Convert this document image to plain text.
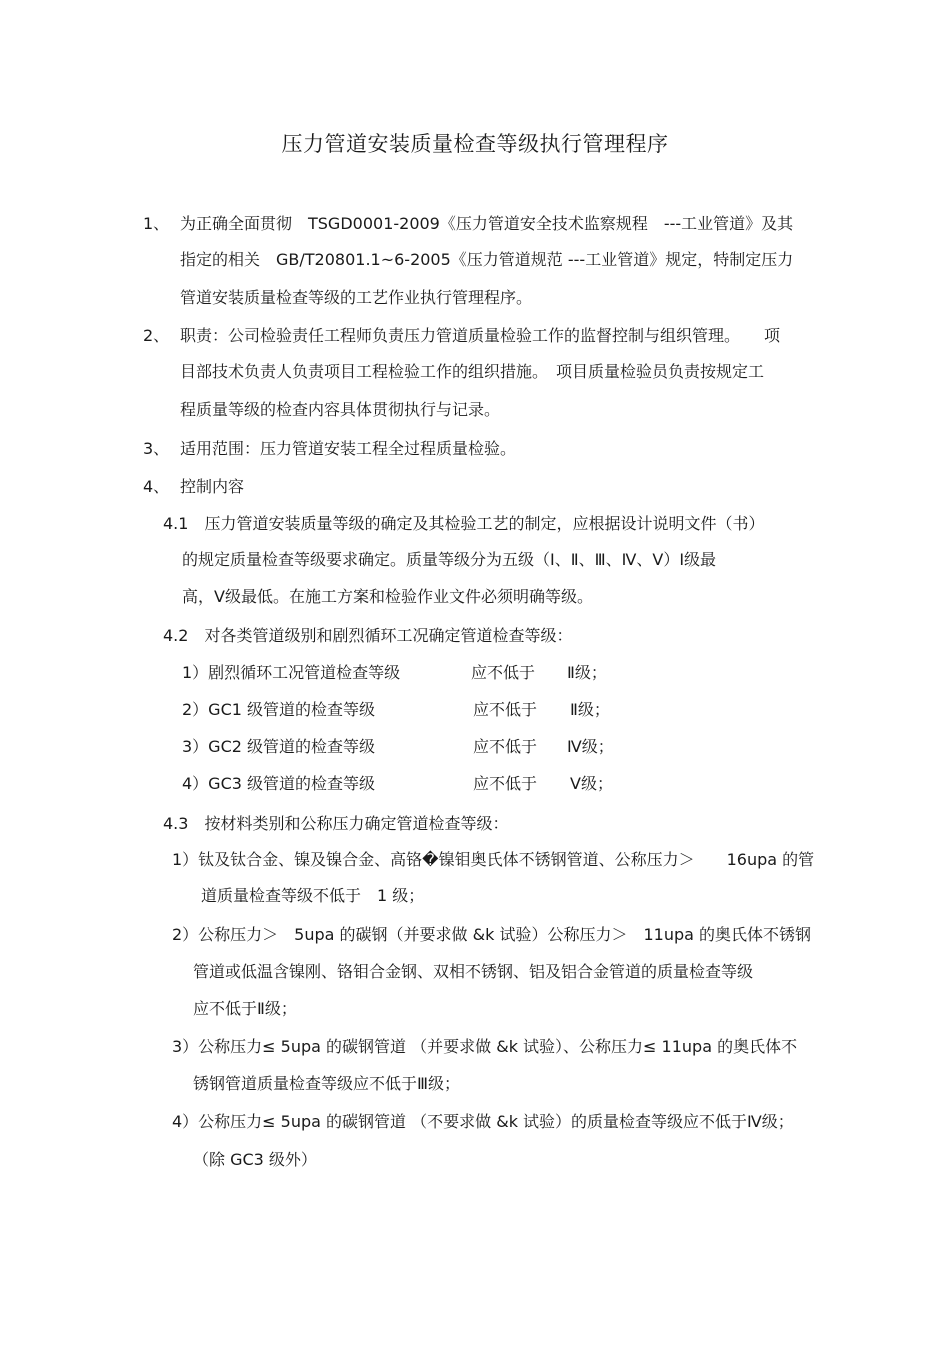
压力管道安装质量检查等级执行管理程序
1、 为正确全面贯彻　TSGD0001-2009《压力管道安全技术监察规程　---工业管道》及其
指定的相关　GB/T20801.1~6-2005《压力管道规范 ---工业管道》规定，特制定压力
管道安装质量检查等级的工艺作业执行管理程序。
2、 职责：公司检验责任工程师负责压力管道质量检验工作的监督控制与组织管理。　　项
目部技术负责人负责项目工程检验工作的组织措施。　项目质量检验员负责按规定工
程质量等级的检查内容具体贯彻执行与记录。
3、 适用范围：压力管道安装工程全过程质量检验。
4、 控制内容
4.1　压力管道安装质量等级的确定及其检验工艺的制定，应根据设计说明文件（书）
的规定质量检查等级要求确定。质量等级分为五级（Ⅰ、Ⅱ、Ⅲ、Ⅳ、Ⅴ）Ⅰ级最
高，Ⅴ级最低。在施工方案和检验作业文件必须明确等级。
4.2　对各类管道级别和剧烈循环工况确定管道检查等级：
1）剧烈循环工况管道检查等级	应不低于 Ⅱ级；
2）GC1 级管道的检查等级	应不低于 Ⅱ级；
3）GC2 级管道的检查等级	应不低于 Ⅳ级；
4）GC3 级管道的检查等级	应不低于 Ⅴ级；
4.3　按材料类别和公称压力确定管道检查等级：
1）钛及钛合金、镍及镍合金、高铬�镍钼奥氏体不锈钢管道、公称压力＞　　16upa 的管
道质量检查等级不低于　1 级；
2）公称压力＞　5upa 的碳钢（并要求做 &k 试验）公称压力＞　11upa 的奥氏体不锈钢
管道或低温含镍刚、铬钼合金钢、双相不锈钢、铝及铝合金管道的质量检查等级
应不低于Ⅱ级；
3）公称压力≤ 5upa 的碳钢管道 （并要求做 &k 试验）、公称压力≤ 11upa 的奥氏体不
锈钢管道质量检查等级应不低于Ⅲ级；
4）公称压力≤ 5upa 的碳钢管道 （不要求做 &k 试验）的质量检查等级应不低于Ⅳ级；
（除 GC3 级外）
